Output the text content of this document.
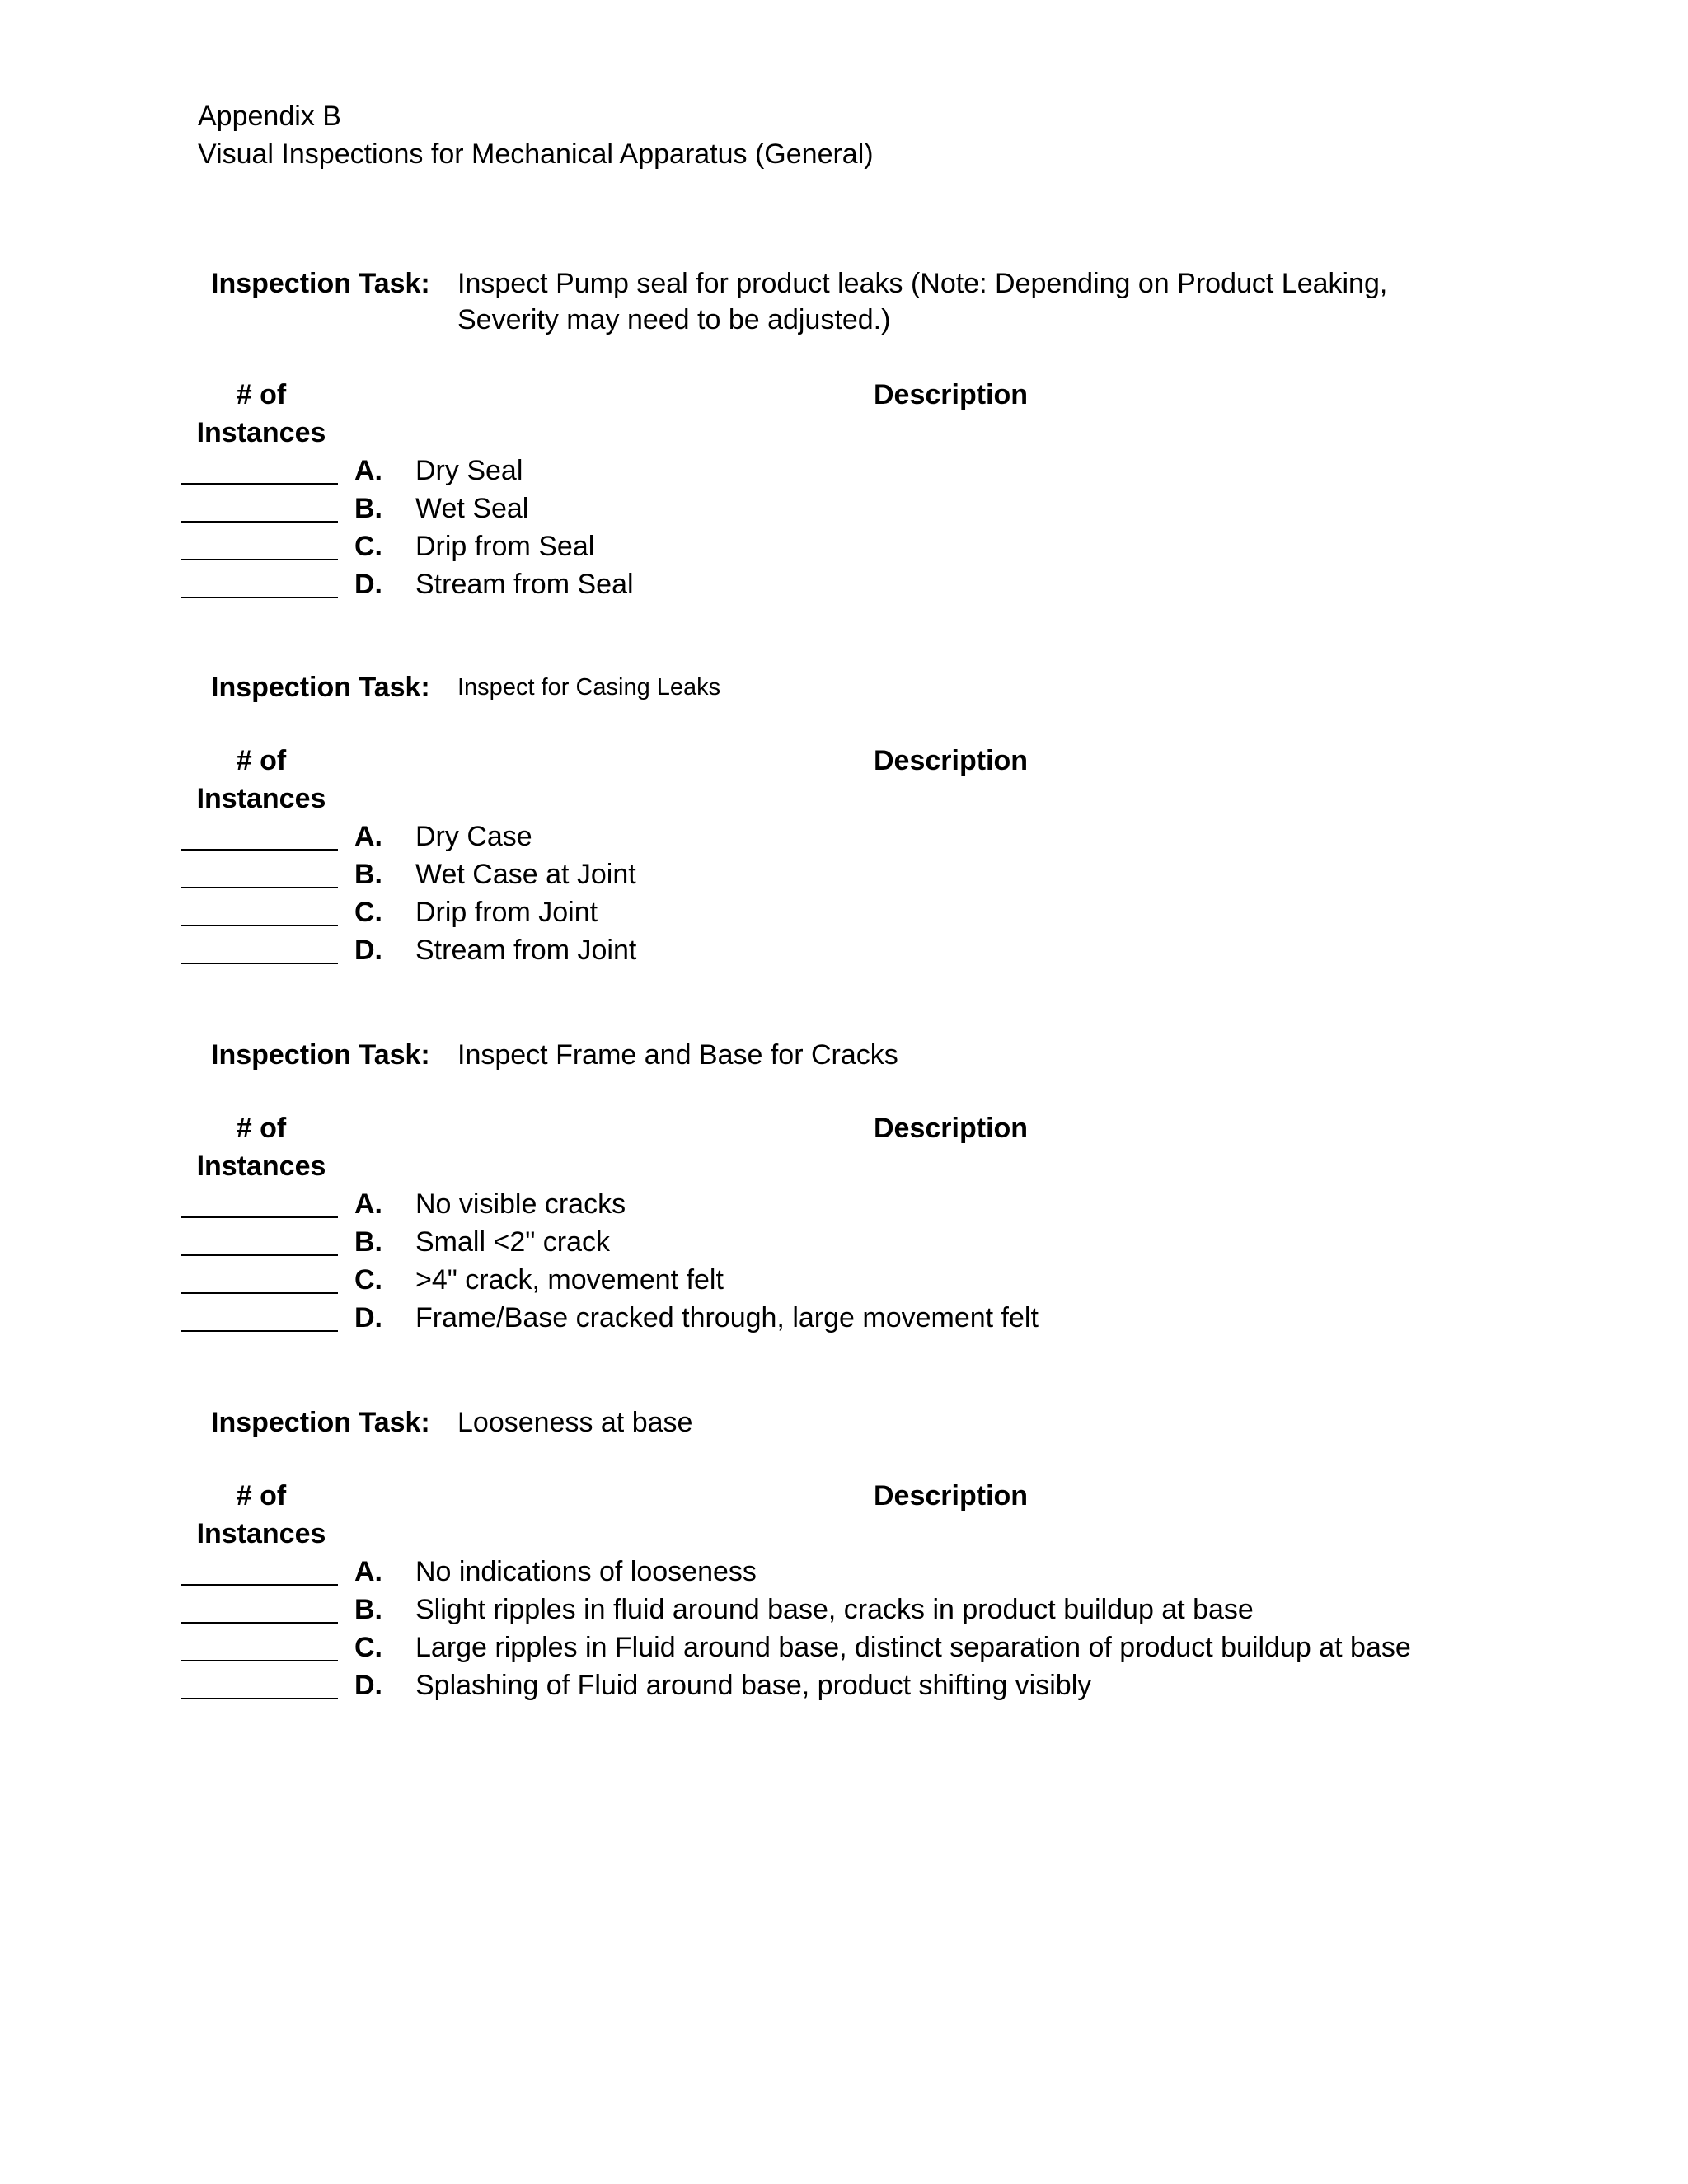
Appendix B
Visual Inspections for Mechanical Apparatus (General)
Inspection Task: Inspect Pump seal for product leaks (Note: Depending on Product Leaking, Severity may need to be adjusted.)
# of
Instances
Description
A. Dry Seal
B. Wet Seal
C. Drip from Seal
D. Stream from Seal
Inspection Task: Inspect for Casing Leaks
# of
Instances
Description
A. Dry Case
B. Wet Case at Joint
C. Drip from Joint
D. Stream from Joint
Inspection Task: Inspect Frame and Base for Cracks
# of
Instances
Description
A. No visible cracks
B. Small <2" crack
C. >4" crack, movement felt
D. Frame/Base cracked through, large movement felt
Inspection Task: Looseness at base
# of
Instances
Description
A. No indications of looseness
B. Slight ripples in fluid around base, cracks in product buildup at base
C. Large ripples in Fluid around base, distinct separation of product buildup at base
D. Splashing of Fluid around base, product shifting visibly
